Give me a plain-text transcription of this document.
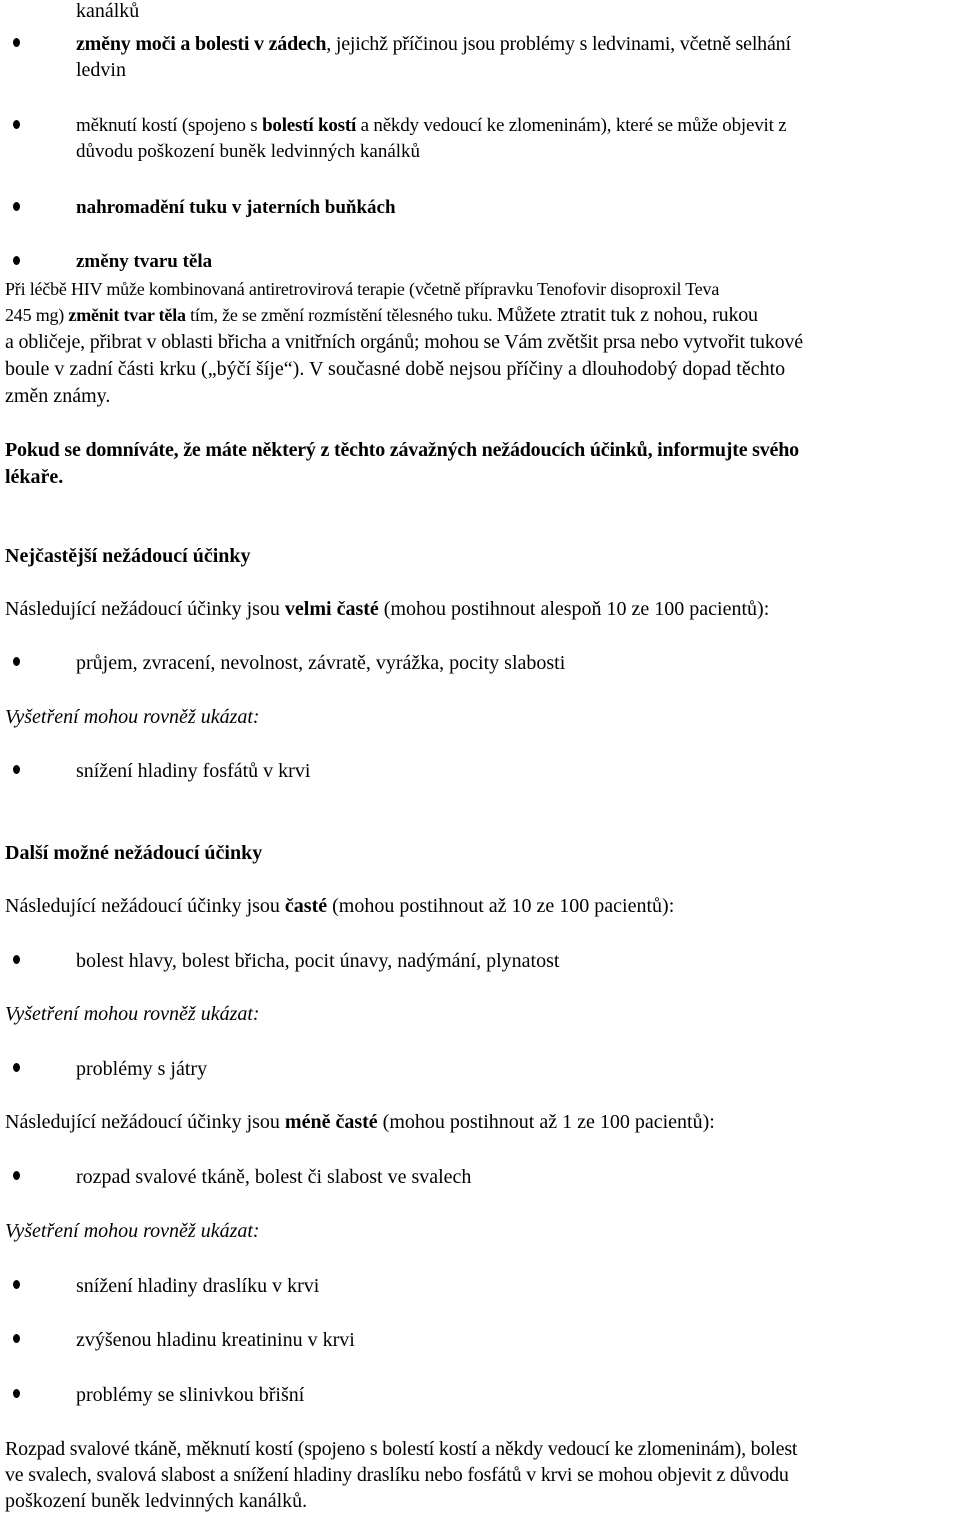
kanálků
změny moči a bolesti v zádech, jejichž příčinou jsou problémy s ledvinami, včetně selhání
ledvin
měknutí kostí (spojeno s bolestí kostí a někdy vedoucí ke zlomeninám), které se může objevit z
důvodu poškození buněk ledvinných kanálků
nahromadění tuku v jaterních buňkách
změny tvaru těla
Při léčbě HIV může kombinovaná antiretrovirová terapie (včetně přípravku Tenofovir disoproxil Teva
245 mg) změnit tvar těla tím, že se změní rozmístění tělesného tuku. Můžete ztratit tuk z nohou, rukou
a obličeje, přibrat v oblasti břicha a vnitřních orgánů; mohou se Vám zvětšit prsa nebo vytvořit tukové
boule v zadní části krku („býčí šíje“). V současné době nejsou příčiny a dlouhodobý dopad těchto
změn známy.
Pokud se domníváte, že máte některý z těchto závažných nežádoucích účinků, informujte svého
lékaře.
Nejčastější nežádoucí účinky
Následující nežádoucí účinky jsou velmi časté (mohou postihnout alespoň 10 ze 100 pacientů):
průjem, zvracení, nevolnost, závratě, vyrážka, pocity slabosti
Vyšetření mohou rovněž ukázat:
snížení hladiny fosfátů v krvi
Další možné nežádoucí účinky
Následující nežádoucí účinky jsou časté (mohou postihnout až 10 ze 100 pacientů):
bolest hlavy, bolest břicha, pocit únavy, nadýmání, plynatost
Vyšetření mohou rovněž ukázat:
problémy s játry
Následující nežádoucí účinky jsou méně časté (mohou postihnout až 1 ze 100 pacientů):
rozpad svalové tkáně, bolest či slabost ve svalech
Vyšetření mohou rovněž ukázat:
snížení hladiny draslíku v krvi
zvýšenou hladinu kreatininu v krvi
problémy se slinivkou břišní
Rozpad svalové tkáně, měknutí kostí (spojeno s bolestí kostí a někdy vedoucí ke zlomeninám), bolest
ve svalech, svalová slabost a snížení hladiny draslíku nebo fosfátů v krvi se mohou objevit z důvodu
poškození buněk ledvinných kanálků.
